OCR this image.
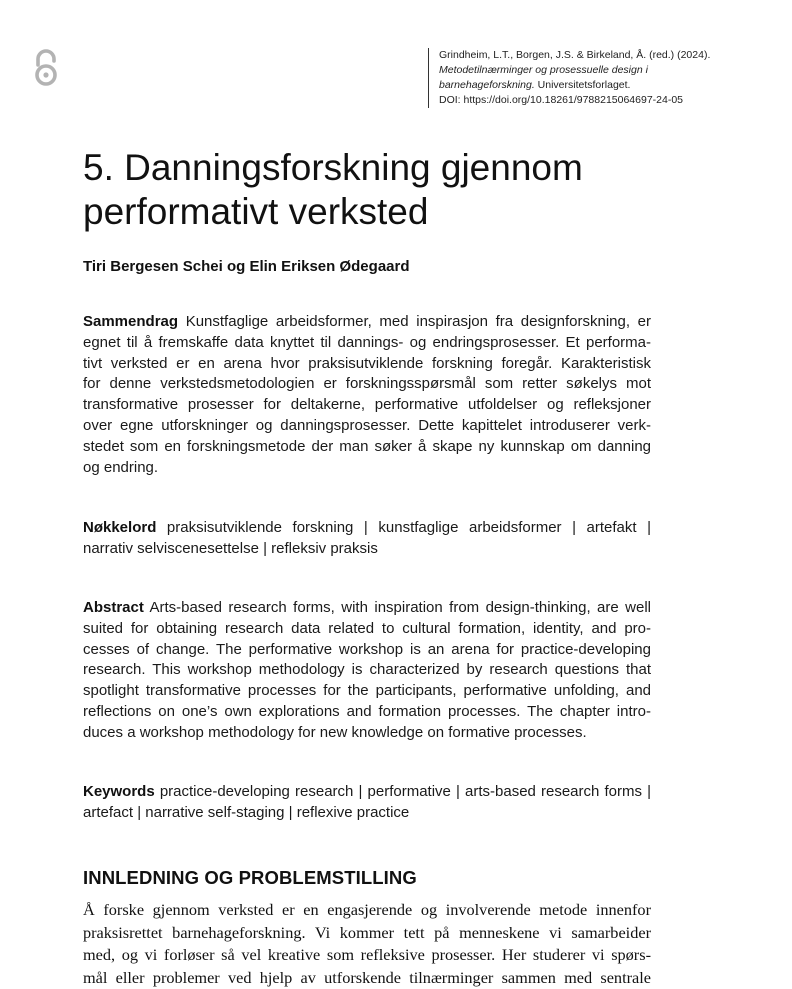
Grindheim, L.T., Borgen, J.S. & Birkeland, Å. (red.) (2024).
Metodetilnærminger og prosessuelle design i
barnehageforskning. Universitetsforlaget.
DOI: https://doi.org/10.18261/9788215064697-24-05
5. Danningsforskning gjennom
performativt verksted

Tiri Bergesen Schei og Elin Eriksen Ødegaard

Sammendrag Kunstfaglige arbeidsformer, med inspirasjon fra designforskning, er
egnet til å fremskaffe data knyttet til dannings- og endringsprosesser. Et performa-
tivt verksted er en arena hvor praksisutviklende forskning foregår. Karakteristisk
for denne verkstedsmetodologien er forskningsspørsmål som retter søkelys mot
transformative prosesser for deltakerne, performative utfoldelser og refleksjoner
over egne utforskninger og danningsprosesser. Dette kapittelet introduserer verk-
stedet som en forskningsmetode der man søker å skape ny kunnskap om danning
og endring.

Nøkkelord praksisutviklende forskning | kunstfaglige arbeidsformer | artefakt |
narrativ selviscenesettelse | refleksiv praksis

Abstract Arts-based research forms, with inspiration from design-thinking, are well
suited for obtaining research data related to cultural formation, identity, and pro-
cesses of change. The performative workshop is an arena for practice-developing
research. This workshop methodology is characterized by research questions that
spotlight transformative processes for the participants, performative unfolding, and
reflections on one’s own explorations and formation processes. The chapter intro-
duces a workshop methodology for new knowledge on formative processes.

Keywords practice-developing research | performative | arts-based research forms |
artefact | narrative self-staging | reflexive practice

INNLEDNING OG PROBLEMSTILLING

Å forske gjennom verksted er en engasjerende og involverende metode innenfor
praksisrettet barnehageforskning. Vi kommer tett på menneskene vi samarbeider
med, og vi forløser så vel kreative som refleksive prosesser. Her studerer vi spørs-
mål eller problemer ved hjelp av utforskende tilnærminger sammen med sentrale
